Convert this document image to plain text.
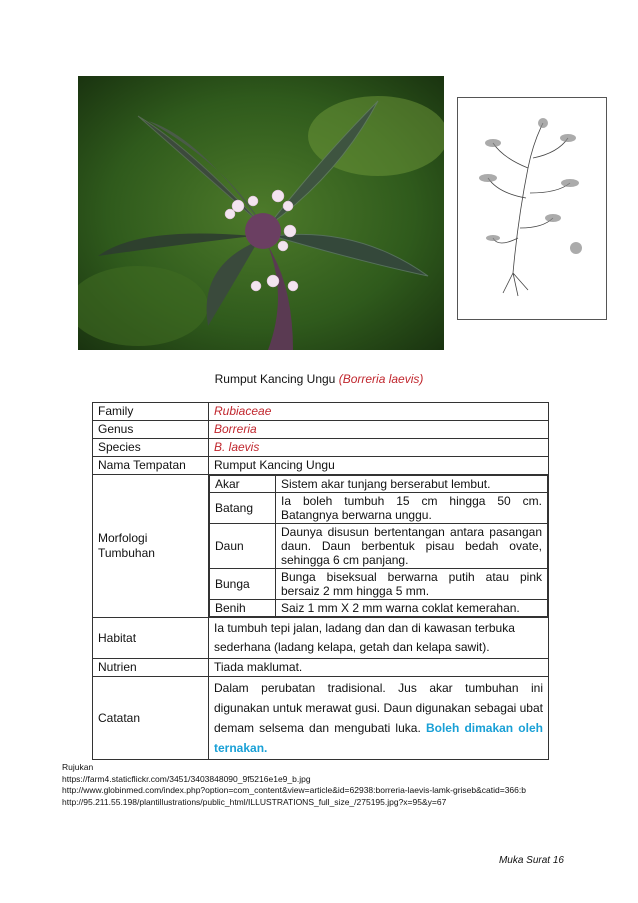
Rumput Kancing Ungu (Borreria laevis)
Family	Rubiaceae
Genus	Borreria
Species	B. laevis
Nama Tempatan	Rumput Kancing Ungu
Morfologi Tumbuhan	
Akar	Sistem akar tunjang berserabut lembut.
Batang	Ia boleh tumbuh 15 cm hingga 50 cm. Batangnya berwarna unggu.
Daun	Daunya disusun bertentangan antara pasangan daun. Daun berbentuk pisau bedah ovate, sehingga 6 cm panjang.
Bunga	Bunga biseksual berwarna putih atau pink bersaiz 2 mm hingga 5 mm.
Benih	Saiz 1 mm X 2 mm warna coklat kemerahan.

Habitat	Ia tumbuh tepi jalan, ladang dan dan di kawasan terbuka sederhana (ladang kelapa, getah dan kelapa sawit).
Nutrien	Tiada maklumat.
Catatan	Dalam perubatan tradisional. Jus akar tumbuhan ini digunakan untuk merawat gusi. Daun digunakan sebagai ubat demam selsema dan mengubati luka. Boleh dimakan oleh ternakan.
Rujukan
https://farm4.staticflickr.com/3451/3403848090_9f5216e1e9_b.jpg
http://www.globinmed.com/index.php?option=com_content&view=article&id=62938:borreria-laevis-lamk-griseb&catid=366:b
http://95.211.55.198/plantillustrations/public_html/ILLUSTRATIONS_full_size_/275195.jpg?x=95&y=67
Muka Surat 16
